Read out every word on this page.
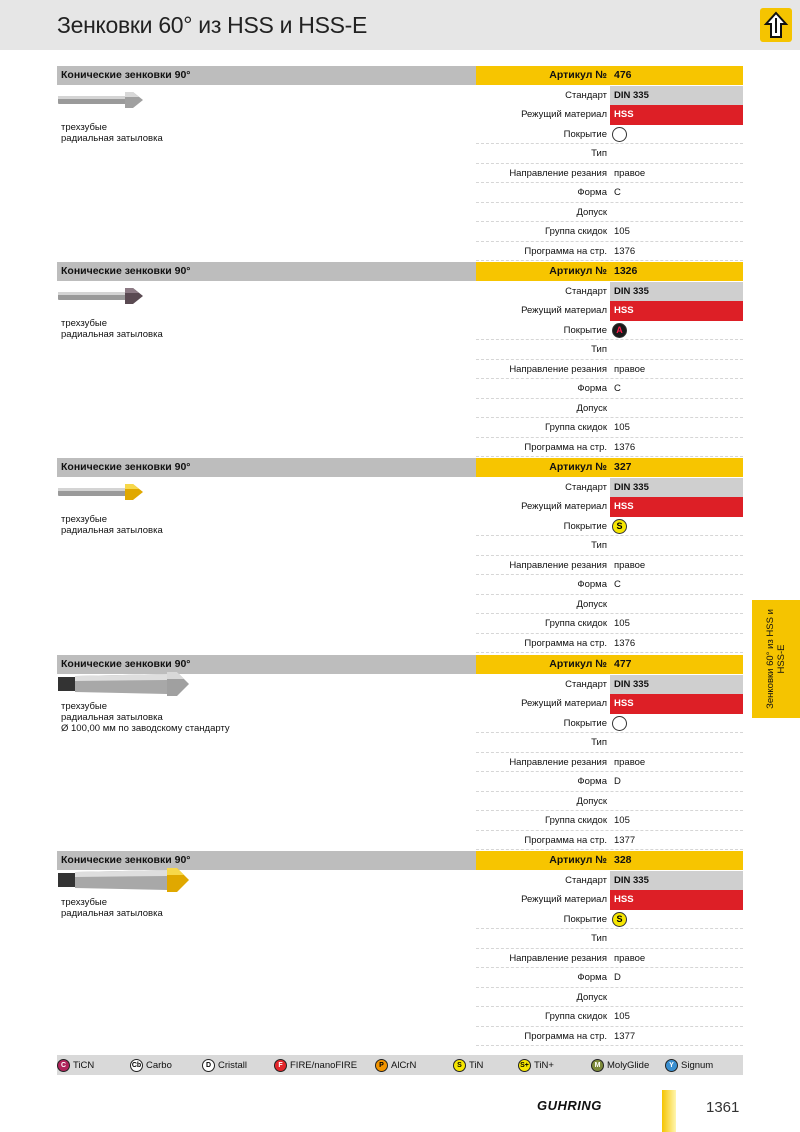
Зенковки 60° из HSS и HSS-E
Конические зенковки 90°
трехзубые
радиальная затыловка
Артикул № 476
Стандарт DIN 335
Режущий материал HSS
Покрытие
Тип
Направление резания правое
Форма C
Допуск
Группа скидок 105
Программа на стр. 1376
Конические зенковки 90°
трехзубые
радиальная затыловка
Артикул № 1326
Стандарт DIN 335
Режущий материал HSS
Покрытие	A
Тип
Направление резания правое
Форма C
Допуск
Группа скидок 105
Программа на стр. 1376
Конические зенковки 90°
трехзубые
радиальная затыловка
Артикул № 327
Стандарт DIN 335
Режущий материал HSS
Покрытие	S
Тип
Направление резания правое
Форма C
Допуск
Группа скидок 105
Программа на стр. 1376
Конические зенковки 90°
трехзубые
радиальная затыловка
Ø 100,00 мм по заводскому стандарту
Артикул № 477
Стандарт DIN 335
Режущий материал HSS
Покрытие
Тип
Направление резания правое
Форма D
Допуск
Группа скидок 105
Программа на стр. 1377
Конические зенковки 90°
трехзубые
радиальная затыловка
Артикул № 328
Стандарт DIN 335
Режущий материал HSS
Покрытие	S
Тип
Направление резания правое
Форма D
Допуск
Группа скидок 105
Программа на стр. 1377
Зенковки 60° из HSS и HSS-E
C TiCN	Cb Carbo	D Cristall	F FIRE/nanoFIRE	P AlCrN	S TiN	S+ TiN+	M MolyGlide	Y Signum
GUHRING	1361
